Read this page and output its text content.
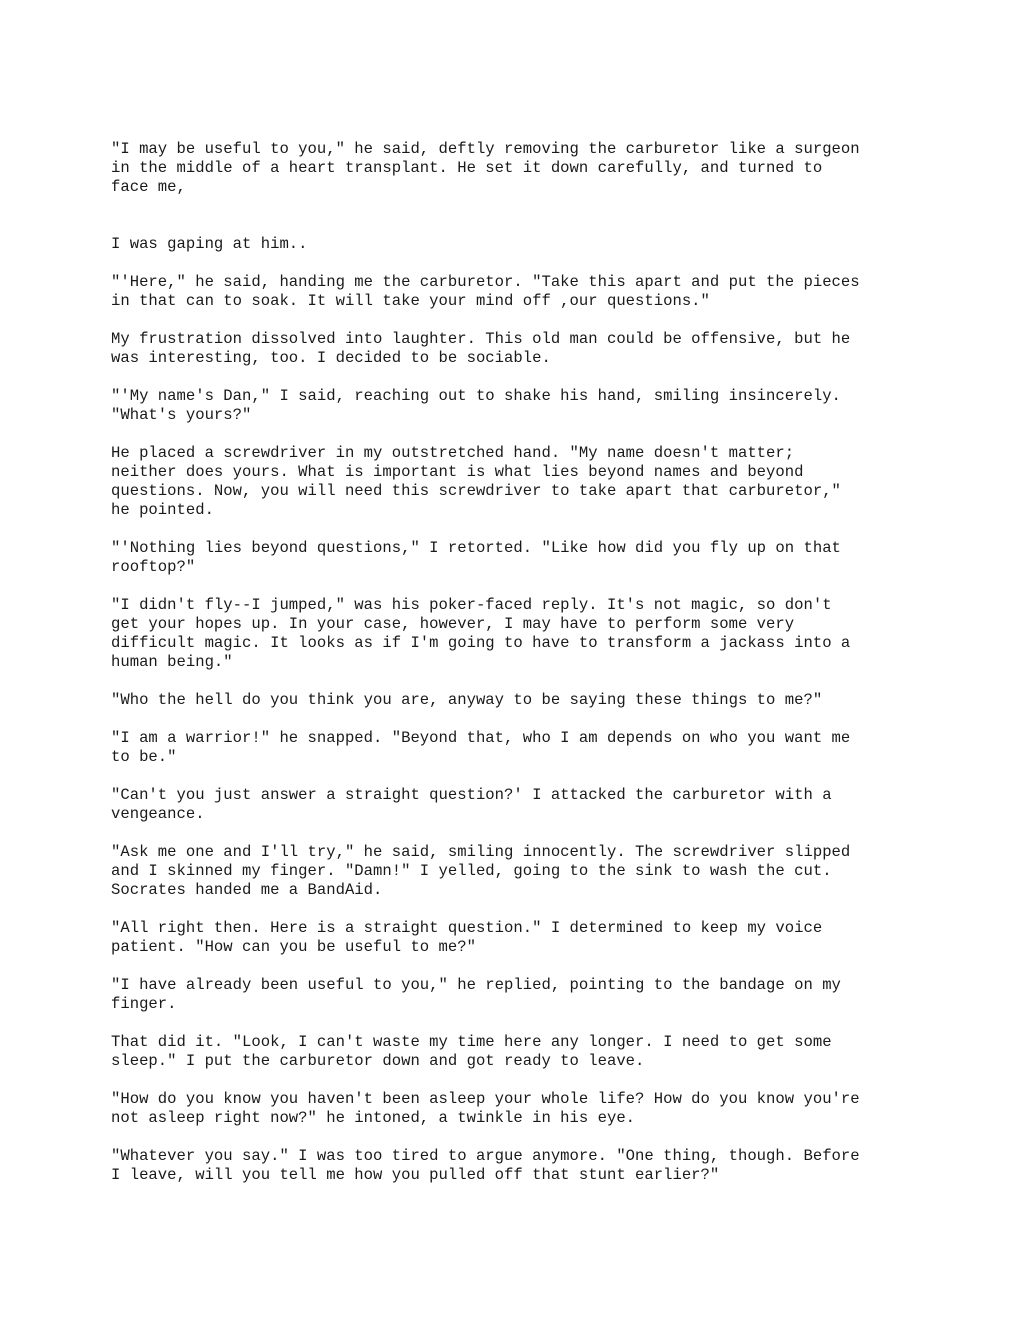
"I may be useful to you," he said, deftly removing the carburetor like a surgeon
in the middle of a heart transplant. He set it down carefully, and turned to
face me,

I was gaping at him..

"'Here," he said, handing me the carburetor. "Take this apart and put the pieces
in that can to soak. It will take your mind off ,our questions."

My frustration dissolved into laughter. This old man could be offensive, but he
was interesting, too. I decided to be sociable.

"'My name's Dan," I said, reaching out to shake his hand, smiling insincerely.
"What's yours?"

He placed a screwdriver in my outstretched hand. "My name doesn't matter;
neither does yours. What is important is what lies beyond names and beyond
questions. Now, you will need this screwdriver to take apart that carburetor,"
he pointed.

"'Nothing lies beyond questions," I retorted. "Like how did you fly up on that
rooftop?"

"I didn't fly--I jumped," was his poker-faced reply. It's not magic, so don't
get your hopes up. In your case, however, I may have to perform some very
difficult magic. It looks as if I'm going to have to transform a jackass into a
human being."

"Who the hell do you think you are, anyway to be saying these things to me?"

"I am a warrior!" he snapped. "Beyond that, who I am depends on who you want me
to be."

"Can't you just answer a straight question?' I attacked the carburetor with a
vengeance.

"Ask me one and I'll try," he said, smiling innocently. The screwdriver slipped
and I skinned my finger. "Damn!" I yelled, going to the sink to wash the cut.
Socrates handed me a BandAid.

"All right then. Here is a straight question." I determined to keep my voice
patient. "How can you be useful to me?"

"I have already been useful to you," he replied, pointing to the bandage on my
finger.

That did it. "Look, I can't waste my time here any longer. I need to get some
sleep." I put the carburetor down and got ready to leave.

"How do you know you haven't been asleep your whole life? How do you know you're
not asleep right now?" he intoned, a twinkle in his eye.

"Whatever you say." I was too tired to argue anymore. "One thing, though. Before
I leave, will you tell me how you pulled off that stunt earlier?"
